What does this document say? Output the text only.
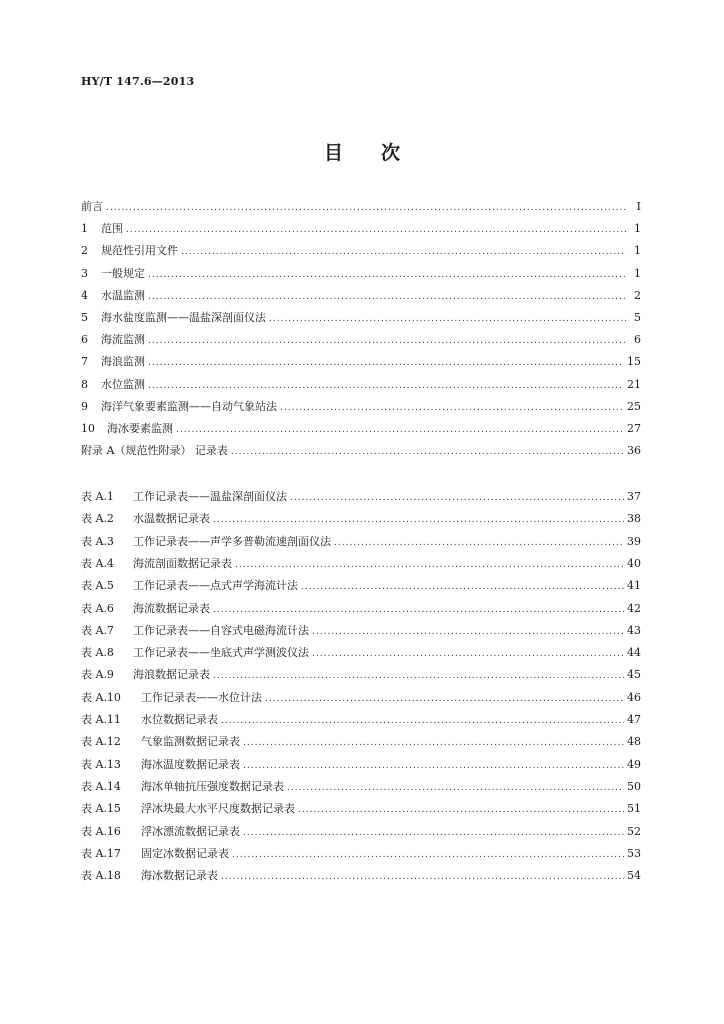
HY/T 147.6—2013
目次
前言 .....	I
1	范围 .....	1
2	规范性引用文件 .....	1
3	一般规定 .....	1
4	水温监测 .....	2
5	海水盐度监测——温盐深剖面仪法 .....	5
6	海流监测 .....	6
7	海浪监测 .....	15
8	水位监测 .....	21
9	海洋气象要素监测——自动气象站法 .....	25
10	海冰要素监测 .....	27
附录 A（规范性附录） 记录表 .....	36
表 A.1	工作记录表——温盐深剖面仪法 .....	37
表 A.2	水温数据记录表 .....	38
表 A.3	工作记录表——声学多普勒流速剖面仪法 .....	39
表 A.4	海流剖面数据记录表 .....	40
表 A.5	工作记录表——点式声学海流计法 .....	41
表 A.6	海流数据记录表 .....	42
表 A.7	工作记录表——自容式电磁海流计法 .....	43
表 A.8	工作记录表——坐底式声学测波仪法 .....	44
表 A.9	海浪数据记录表 .....	45
表 A.10	工作记录表——水位计法 .....	46
表 A.11	水位数据记录表 .....	47
表 A.12	气象监测数据记录表 .....	48
表 A.13	海冰温度数据记录表 .....	49
表 A.14	海冰单轴抗压强度数据记录表 .....	50
表 A.15	浮冰块最大水平尺度数据记录表 .....	51
表 A.16	浮冰漂流数据记录表 .....	52
表 A.17	固定冰数据记录表 .....	53
表 A.18	海冰数据记录表 .....	54
